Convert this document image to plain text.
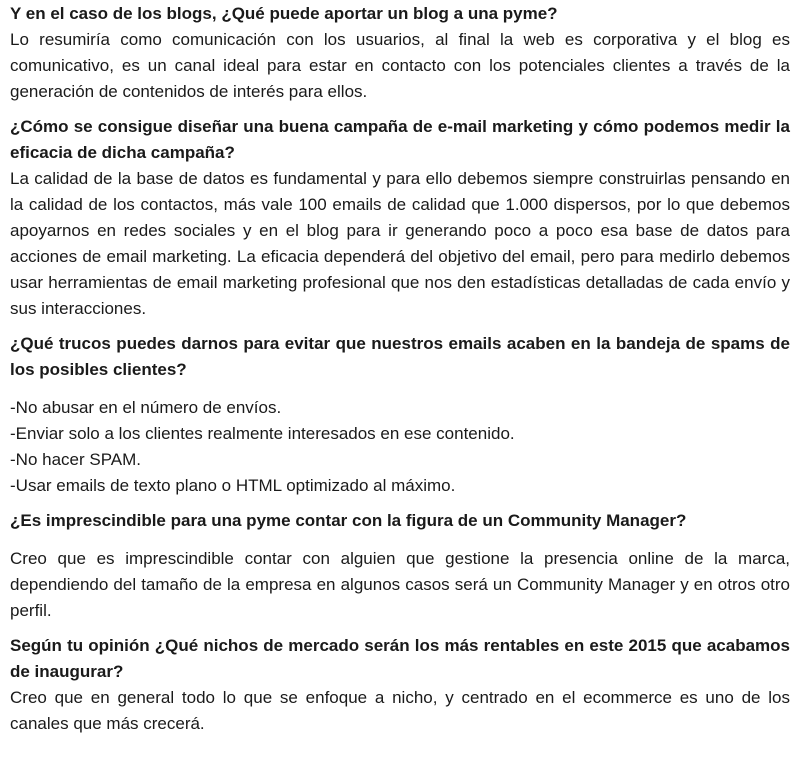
Y en el caso de los blogs, ¿Qué puede aportar un blog a una pyme?

Lo resumiría como comunicación con los usuarios, al final la web es corporativa y el blog es comunicativo, es un canal ideal para estar en contacto con los potenciales clientes a través de la generación de contenidos de interés para ellos.

¿Cómo se consigue diseñar una buena campaña de e-mail marketing y cómo podemos medir la eficacia de dicha campaña?

La calidad de la base de datos es fundamental y para ello debemos siempre construirlas pensando en la calidad de los contactos, más vale 100 emails de calidad que 1.000 dispersos, por lo que debemos apoyarnos en redes sociales y en el blog para ir generando poco a poco esa base de datos para acciones de email marketing. La eficacia dependerá del objetivo del email, pero para medirlo debemos usar herramientas de email marketing profesional que nos den estadísticas detalladas de cada envío y sus interacciones.

¿Qué trucos puedes darnos para evitar que nuestros emails acaben en la bandeja de spams de los posibles clientes?

-No abusar en el número de envíos.

-Enviar solo a los clientes realmente interesados en ese contenido.

-No hacer SPAM.

-Usar emails de texto plano o HTML optimizado al máximo.

¿Es imprescindible para una pyme contar con la figura de un Community Manager?

Creo que es imprescindible contar con alguien que gestione la presencia online de la marca, dependiendo del tamaño de la empresa en algunos casos será un Community Manager y en otros otro perfil.

Según tu opinión ¿Qué nichos de mercado serán los más rentables en este 2015 que acabamos de inaugurar?

Creo que en general todo lo que se enfoque a nicho, y centrado en el ecommerce es uno de los canales que más crecerá.
